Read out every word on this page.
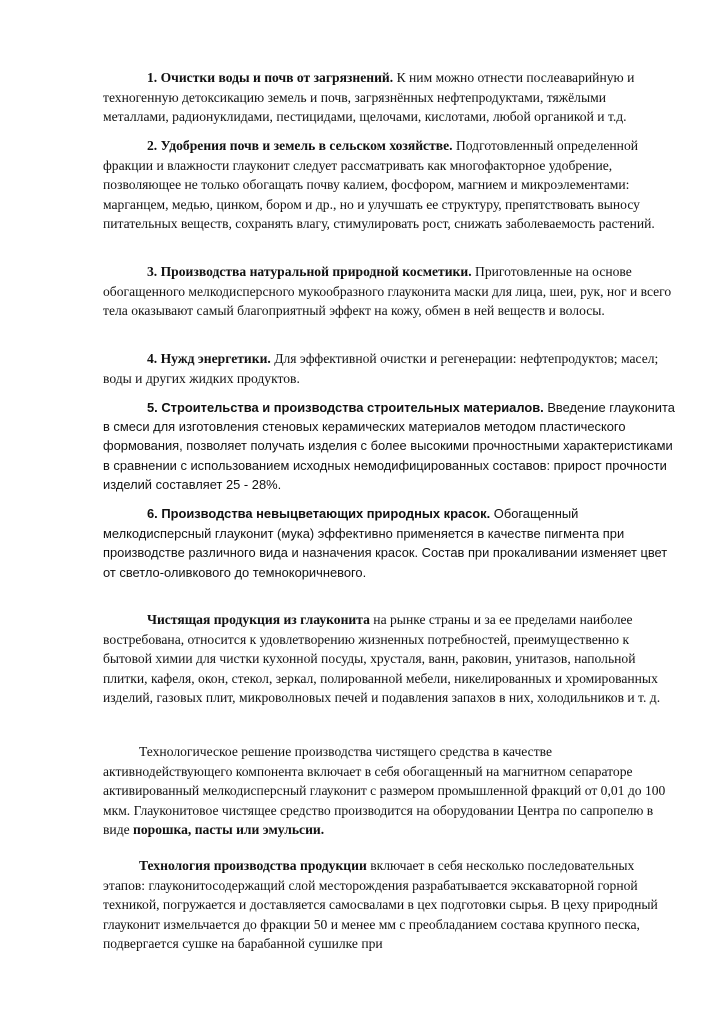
1. Очистки воды и почв от загрязнений. К ним можно отнести послеаварийную и техногенную детоксикацию земель и почв, загрязнённых нефтепродуктами, тяжёлыми металлами, радионуклидами, пестицидами, щелочами, кислотами, любой органикой и т.д.

2. Удобрения почв и земель в сельском хозяйстве. Подготовленный определенной фракции и влажности глауконит следует рассматривать как многофакторное удобрение, позволяющее не только обогащать почву калием, фосфором, магнием и микроэлементами: марганцем, медью, цинком, бором и др., но и улучшать ее структуру, препятствовать выносу питательных веществ, сохранять влагу, стимулировать рост, снижать заболеваемость растений.

3. Производства натуральной природной косметики. Приготовленные на основе обогащенного мелкодисперсного мукообразного глауконита маски для лица, шеи, рук, ног и всего тела оказывают самый благоприятный эффект на кожу, обмен в ней веществ и волосы.

4. Нужд энергетики. Для эффективной очистки и регенерации: нефтепродуктов; масел; воды и других жидких продуктов.

5. Строительства и производства строительных материалов. Введение глауконита в смеси для изготовления стеновых керамических материалов методом пластического формования, позволяет получать изделия с более высокими прочностными характеристиками в сравнении с использованием исходных немодифицированных составов: прирост прочности изделий составляет 25 - 28%.

6. Производства невыцветающих природных красок. Обогащенный мелкодисперсный глауконит (мука) эффективно применяется в качестве пигмента при производстве различного вида и назначения красок. Состав при прокаливании изменяет цвет от светло-оливкового до темнокоричневого.

Чистящая продукция из глауконита на рынке страны и за ее пределами наиболее востребована, относится к удовлетворению жизненных потребностей, преимущественно к бытовой химии для чистки кухонной посуды, хрусталя, ванн, раковин, унитазов, напольной плитки, кафеля, окон, стекол, зеркал, полированной мебели, никелированных и хромированных изделий, газовых плит, микроволновых печей и подавления запахов в них, холодильников и т. д.

Технологическое решение производства чистящего средства в качестве активнодействующего компонента включает в себя обогащенный на магнитном сепараторе активированный мелкодисперсный глауконит с размером промышленной фракций от 0,01 до 100 мкм. Глауконитовое чистящее средство производится на оборудовании Центра по сапропелю в виде порошка, пасты или эмульсии.

Технология производства продукции включает в себя несколько последовательных этапов: глауконитосодержащий слой месторождения разрабатывается экскаваторной горной техникой, погружается и доставляется самосвалами в цех подготовки сырья. В цеху природный глауконит измельчается до фракции 50 и менее мм с преобладанием состава крупного песка, подвергается сушке на барабанной сушилке при
